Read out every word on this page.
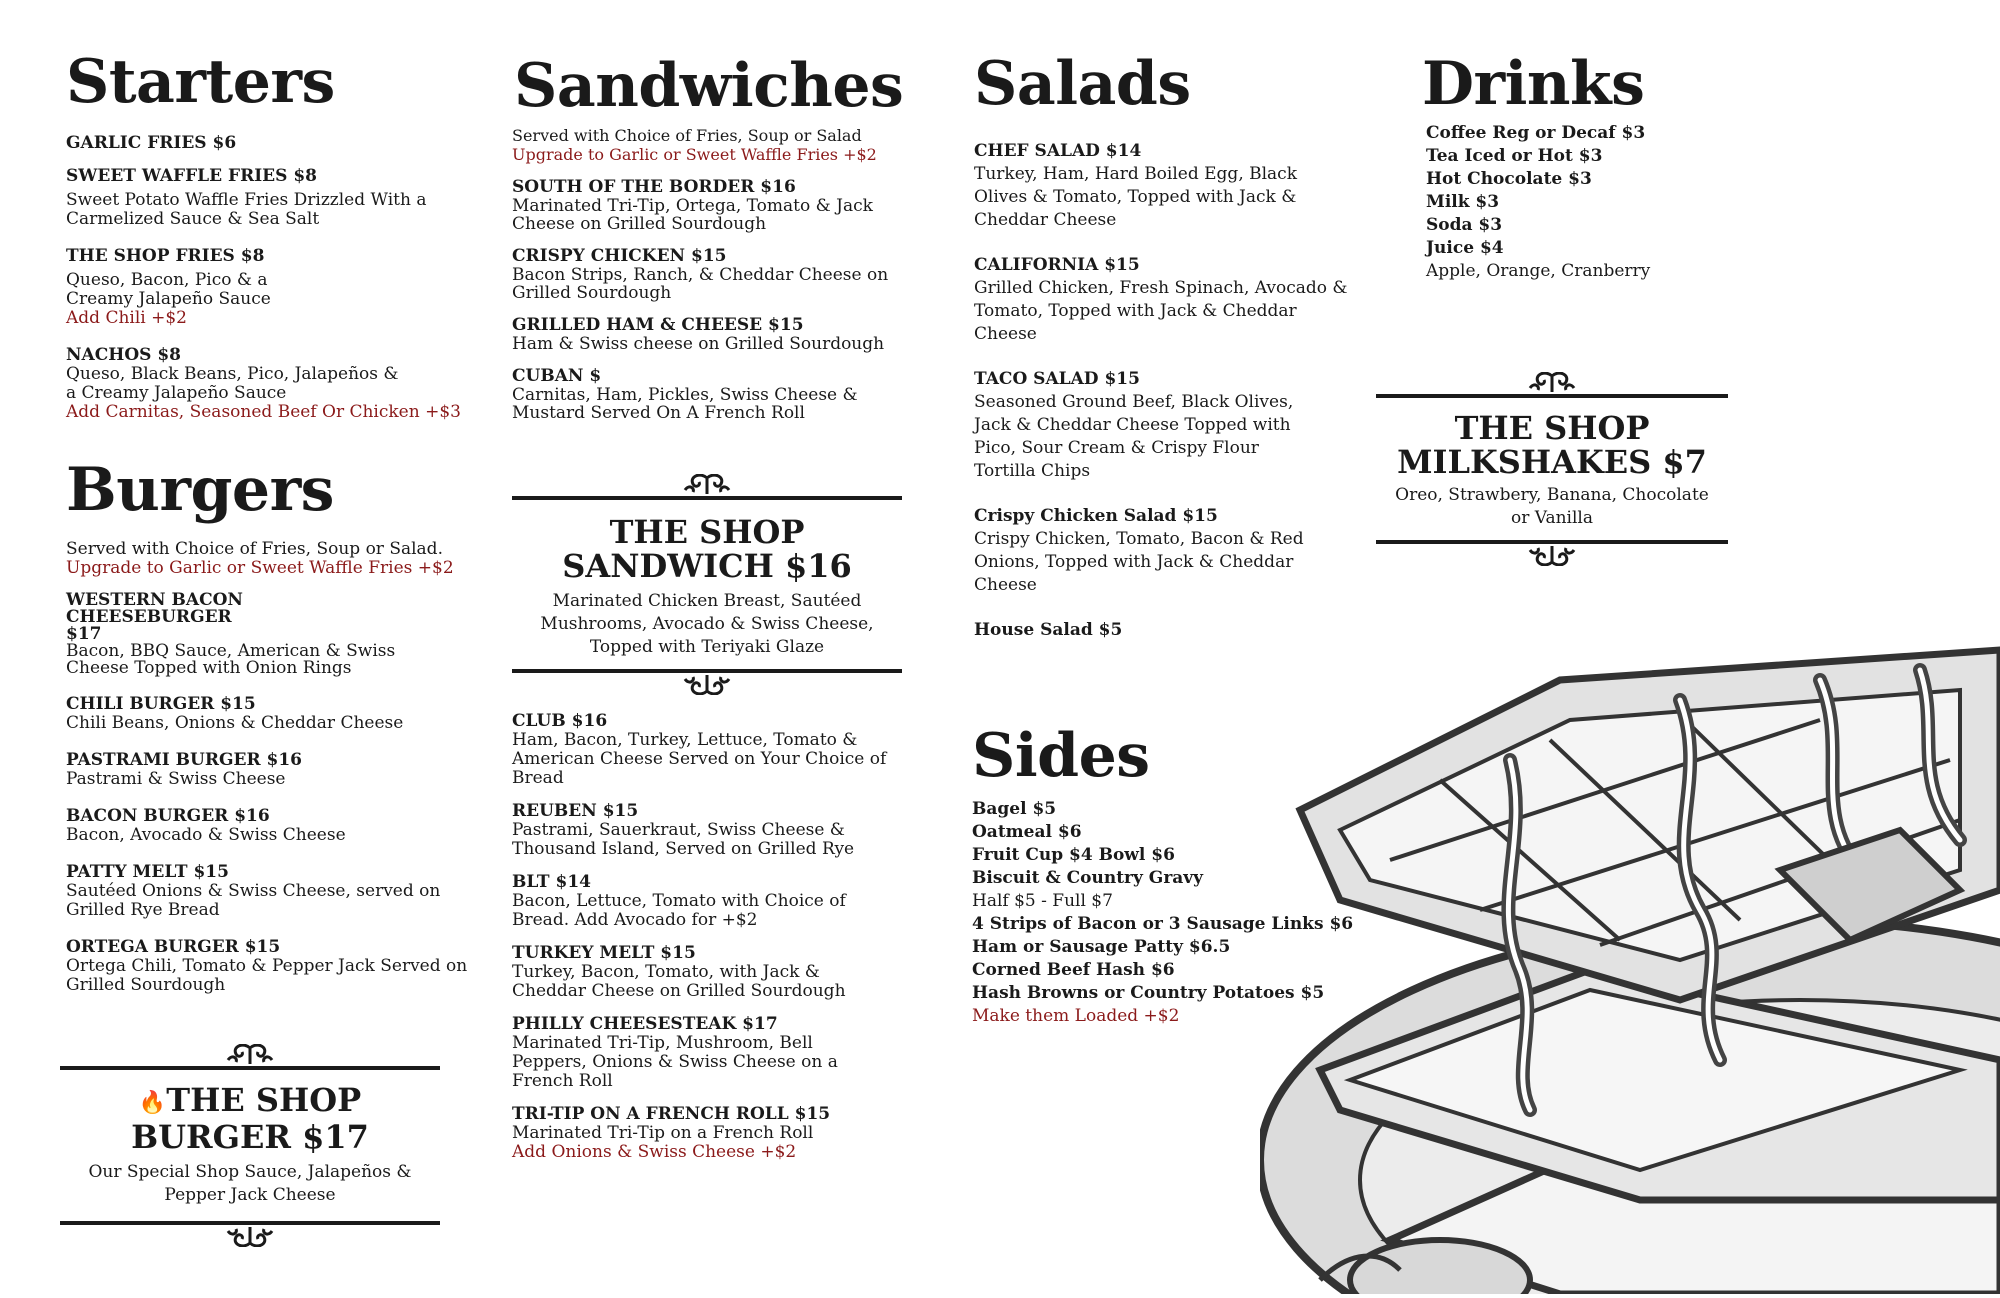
Starters
GARLIC FRIES $6
SWEET WAFFLE FRIES $8
Sweet Potato Waffle Fries Drizzled With a Carmelized Sauce & Sea Salt
THE SHOP FRIES $8
Queso, Bacon, Pico & a Creamy Jalapeño Sauce
Add Chili +$2
NACHOS $8
Queso, Black Beans, Pico, Jalapeños & a Creamy Jalapeño Sauce
Add Carnitas, Seasoned Beef Or Chicken +$3
Burgers
Served with Choice of Fries, Soup or Salad.
Upgrade to Garlic or Sweet Waffle Fries +$2
WESTERN BACON CHEESEBURGER $17
Bacon, BBQ Sauce, American & Swiss Cheese Topped with Onion Rings
CHILI BURGER $15
Chili Beans, Onions & Cheddar Cheese
PASTRAMI BURGER $16
Pastrami & Swiss Cheese
BACON BURGER $16
Bacon, Avocado & Swiss Cheese
PATTY MELT $15
Sautéed Onions & Swiss Cheese, served on Grilled Rye Bread
ORTEGA BURGER $15
Ortega Chili, Tomato & Pepper Jack Served on Grilled Sourdough
🔥THE SHOP
BURGER $17
Our Special Shop Sauce, Jalapeños & Pepper Jack Cheese
Sandwiches
Served with Choice of Fries, Soup or Salad
Upgrade to Garlic or Sweet Waffle Fries +$2
SOUTH OF THE BORDER $16
Marinated Tri-Tip, Ortega, Tomato & Jack Cheese on Grilled Sourdough
CRISPY CHICKEN $15
Bacon Strips, Ranch, & Cheddar Cheese on Grilled Sourdough
GRILLED HAM & CHEESE $15
Ham & Swiss cheese on Grilled Sourdough
CUBAN $
Carnitas, Ham, Pickles, Swiss Cheese & Mustard Served On A French Roll
CLUB $16
Ham, Bacon, Turkey, Lettuce, Tomato & American Cheese Served on Your Choice of Bread
REUBEN $15
Pastrami, Sauerkraut, Swiss Cheese & Thousand Island, Served on Grilled Rye
BLT $14
Bacon, Lettuce, Tomato with Choice of Bread. Add Avocado for +$2
TURKEY MELT $15
Turkey, Bacon, Tomato, with Jack & Cheddar Cheese on Grilled Sourdough
PHILLY CHEESESTEAK $17
Marinated Tri-Tip, Mushroom, Bell Peppers, Onions & Swiss Cheese on a French Roll
TRI-TIP ON A FRENCH ROLL $15
Marinated Tri-Tip on a French Roll
Add Onions & Swiss Cheese +$2
THE SHOP
SANDWICH $16
Marinated Chicken Breast, Sautéed Mushrooms, Avocado & Swiss Cheese, Topped with Teriyaki Glaze
Salads
CHEF SALAD $14
Turkey, Ham, Hard Boiled Egg, Black Olives & Tomato, Topped with Jack & Cheddar Cheese
CALIFORNIA $15
Grilled Chicken, Fresh Spinach, Avocado & Tomato, Topped with Jack & Cheddar Cheese
TACO SALAD $15
Seasoned Ground Beef, Black Olives, Jack & Cheddar Cheese Topped with Pico, Sour Cream & Crispy Flour Tortilla Chips
Crispy Chicken Salad $15
Crispy Chicken, Tomato, Bacon & Red Onions, Topped with Jack & Cheddar Cheese
House Salad $5
Sides
Bagel $5
Oatmeal $6
Fruit Cup $4 Bowl $6
Biscuit & Country Gravy
Half $5 - Full $7
4 Strips of Bacon or 3 Sausage Links $6
Ham or Sausage Patty $6.5
Corned Beef Hash $6
Hash Browns or Country Potatoes $5
Make them Loaded +$2
Drinks
Coffee Reg or Decaf $3
Tea Iced or Hot $3
Hot Chocolate $3
Milk $3
Soda $3
Juice $4
Apple, Orange, Cranberry
THE SHOP
MILKSHAKES $7
Oreo, Strawbery, Banana, Chocolate or Vanilla
